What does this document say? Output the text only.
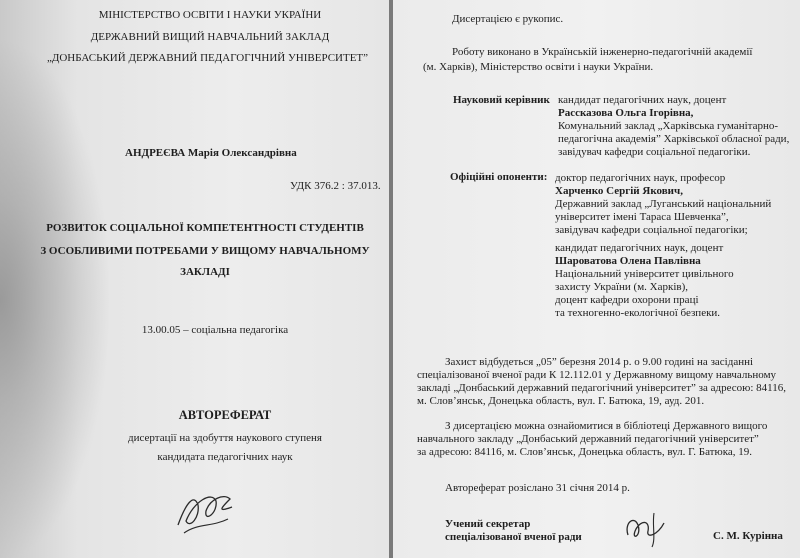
МІНІСТЕРСТВО ОСВІТИ І НАУКИ УКРАЇНИ

ДЕРЖАВНИЙ ВИЩИЙ НАВЧАЛЬНИЙ ЗАКЛАД

„ДОНБАСЬКИЙ ДЕРЖАВНИЙ ПЕДАГОГІЧНИЙ УНІВЕРСИТЕТ”

АНДРЕЄВА Марія Олександрівна

УДК 376.2 : 37.013.

РОЗВИТОК СОЦІАЛЬНОЇ КОМПЕТЕНТНОСТІ СТУДЕНТІВ

З ОСОБЛИВИМИ ПОТРЕБАМИ У ВИЩОМУ НАВЧАЛЬНОМУ

ЗАКЛАДІ

13.00.05 – соціальна педагогіка

АВТОРЕФЕРАТ

дисертації на здобуття наукового ступеня

кандидата педагогічних наук

Дисертацією є рукопис.

Роботу виконано в Українській інженерно-педагогічній академії

(м. Харків), Міністерство освіти і науки України.

Науковий керівник кандидат педагогічних наук, доцент

Рассказова Ольга Ігорівна,

Комунальний заклад „Харківська гуманітарно-

педагогічна академія” Харківської обласної ради,

завідувач кафедри соціальної педагогіки.

Офіційні опоненти: доктор педагогічних наук, професор

Харченко Сергій Якович,

Державний заклад „Луганський національний

університет імені Тараса Шевченка”,

завідувач кафедри соціальної педагогіки;

кандидат педагогічних наук, доцент

Шароватова Олена Павлівна

Національний університет цивільного

захисту України (м. Харків),

доцент кафедри охорони праці

та техногенно-екологічної безпеки.

Захист відбудеться „05” березня 2014 р. о 9.00 годині на засіданні

спеціалізованої вченої ради К 12.112.01 у Державному вищому навчальному

закладі „Донбаський державний педагогічний університет” за адресою: 84116,

м. Слов’янськ, Донецька область, вул. Г. Батюка, 19, ауд. 201.

З дисертацією можна ознайомитися в бібліотеці Державного вищого

навчального закладу „Донбаський державний педагогічний університет”

за адресою: 84116, м. Слов’янськ, Донецька область, вул. Г. Батюка, 19.

Автореферат розіслано 31 січня 2014 р.

Учений секретар

спеціалізованої вченої ради	С. М. Курінна
